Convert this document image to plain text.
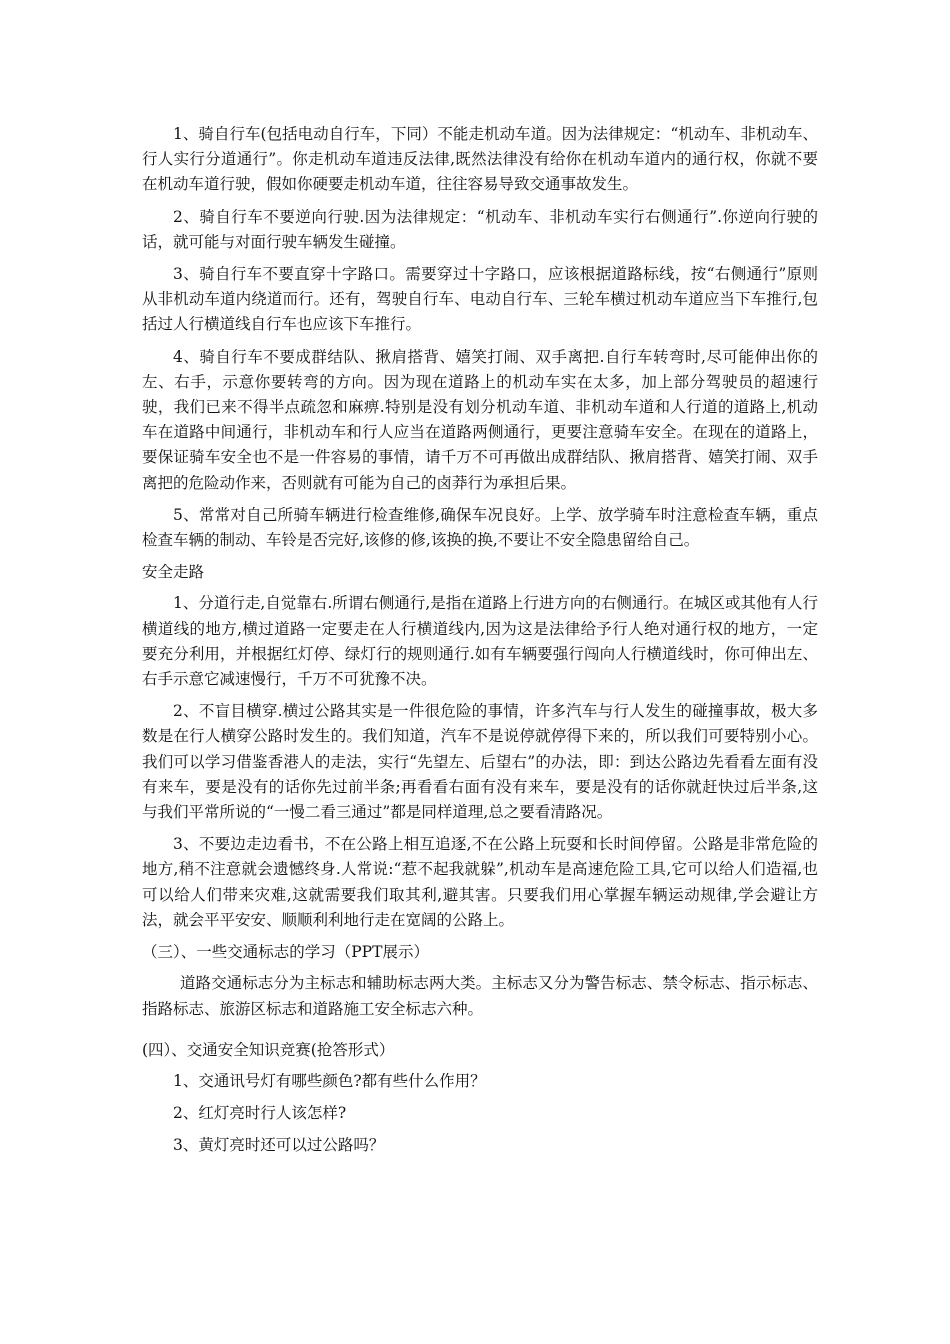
1、骑自行车(包括电动自行车，下同）不能走机动车道。因为法律规定：“机动车、非机动车、行人实行分道通行”。你走机动车道违反法律,既然法律没有给你在机动车道内的通行权，你就不要在机动车道行驶，假如你硬要走机动车道，往往容易导致交通事故发生。

2、骑自行车不要逆向行驶.因为法律规定：“机动车、非机动车实行右侧通行”.你逆向行驶的话，就可能与对面行驶车辆发生碰撞。

3、骑自行车不要直穿十字路口。需要穿过十字路口，应该根据道路标线，按“右侧通行”原则从非机动车道内绕道而行。还有，驾驶自行车、电动自行车、三轮车横过机动车道应当下车推行,包括过人行横道线自行车也应该下车推行。

4、骑自行车不要成群结队、揪肩搭背、嬉笑打闹、双手离把.自行车转弯时,尽可能伸出你的左、右手，示意你要转弯的方向。因为现在道路上的机动车实在太多，加上部分驾驶员的超速行驶，我们已来不得半点疏忽和麻痹.特别是没有划分机动车道、非机动车道和人行道的道路上,机动车在道路中间通行，非机动车和行人应当在道路两侧通行，更要注意骑车安全。在现在的道路上，要保证骑车安全也不是一件容易的事情，请千万不可再做出成群结队、揪肩搭背、嬉笑打闹、双手离把的危险动作来，否则就有可能为自己的卤莽行为承担后果。

5、常常对自己所骑车辆进行检查维修,确保车况良好。上学、放学骑车时注意检查车辆，重点检查车辆的制动、车铃是否完好,该修的修,该换的换,不要让不安全隐患留给自己。

安全走路

1、分道行走,自觉靠右.所谓右侧通行,是指在道路上行进方向的右侧通行。在城区或其他有人行横道线的地方,横过道路一定要走在人行横道线内,因为这是法律给予行人绝对通行权的地方，一定要充分利用，并根据红灯停、绿灯行的规则通行.如有车辆要强行闯向人行横道线时，你可伸出左、右手示意它减速慢行，千万不可犹豫不决。

2、不盲目横穿.横过公路其实是一件很危险的事情，许多汽车与行人发生的碰撞事故，极大多数是在行人横穿公路时发生的。我们知道，汽车不是说停就停得下来的，所以我们可要特别小心。我们可以学习借鉴香港人的走法，实行“先望左、后望右”的办法，即：到达公路边先看看左面有没有来车，要是没有的话你先过前半条;再看看右面有没有来车，要是没有的话你就赶快过后半条,这与我们平常所说的“一慢二看三通过”都是同样道理,总之要看清路况。

3、不要边走边看书，不在公路上相互追逐,不在公路上玩耍和长时间停留。公路是非常危险的地方,稍不注意就会遗憾终身.人常说:“惹不起我就躲”,机动车是高速危险工具,它可以给人们造福,也可以给人们带来灾难,这就需要我们取其利,避其害。只要我们用心掌握车辆运动规律,学会避让方法，就会平平安安、顺顺利利地行走在宽阔的公路上。

（三）、一些交通标志的学习（PPT展示）

道路交通标志分为主标志和辅助标志两大类。主标志又分为警告标志、禁令标志、指示标志、指路标志、旅游区标志和道路施工安全标志六种。

(四）、交通安全知识竞赛(抢答形式）

1、交通讯号灯有哪些颜色?都有些什么作用？

2、红灯亮时行人该怎样?

3、黄灯亮时还可以过公路吗？
